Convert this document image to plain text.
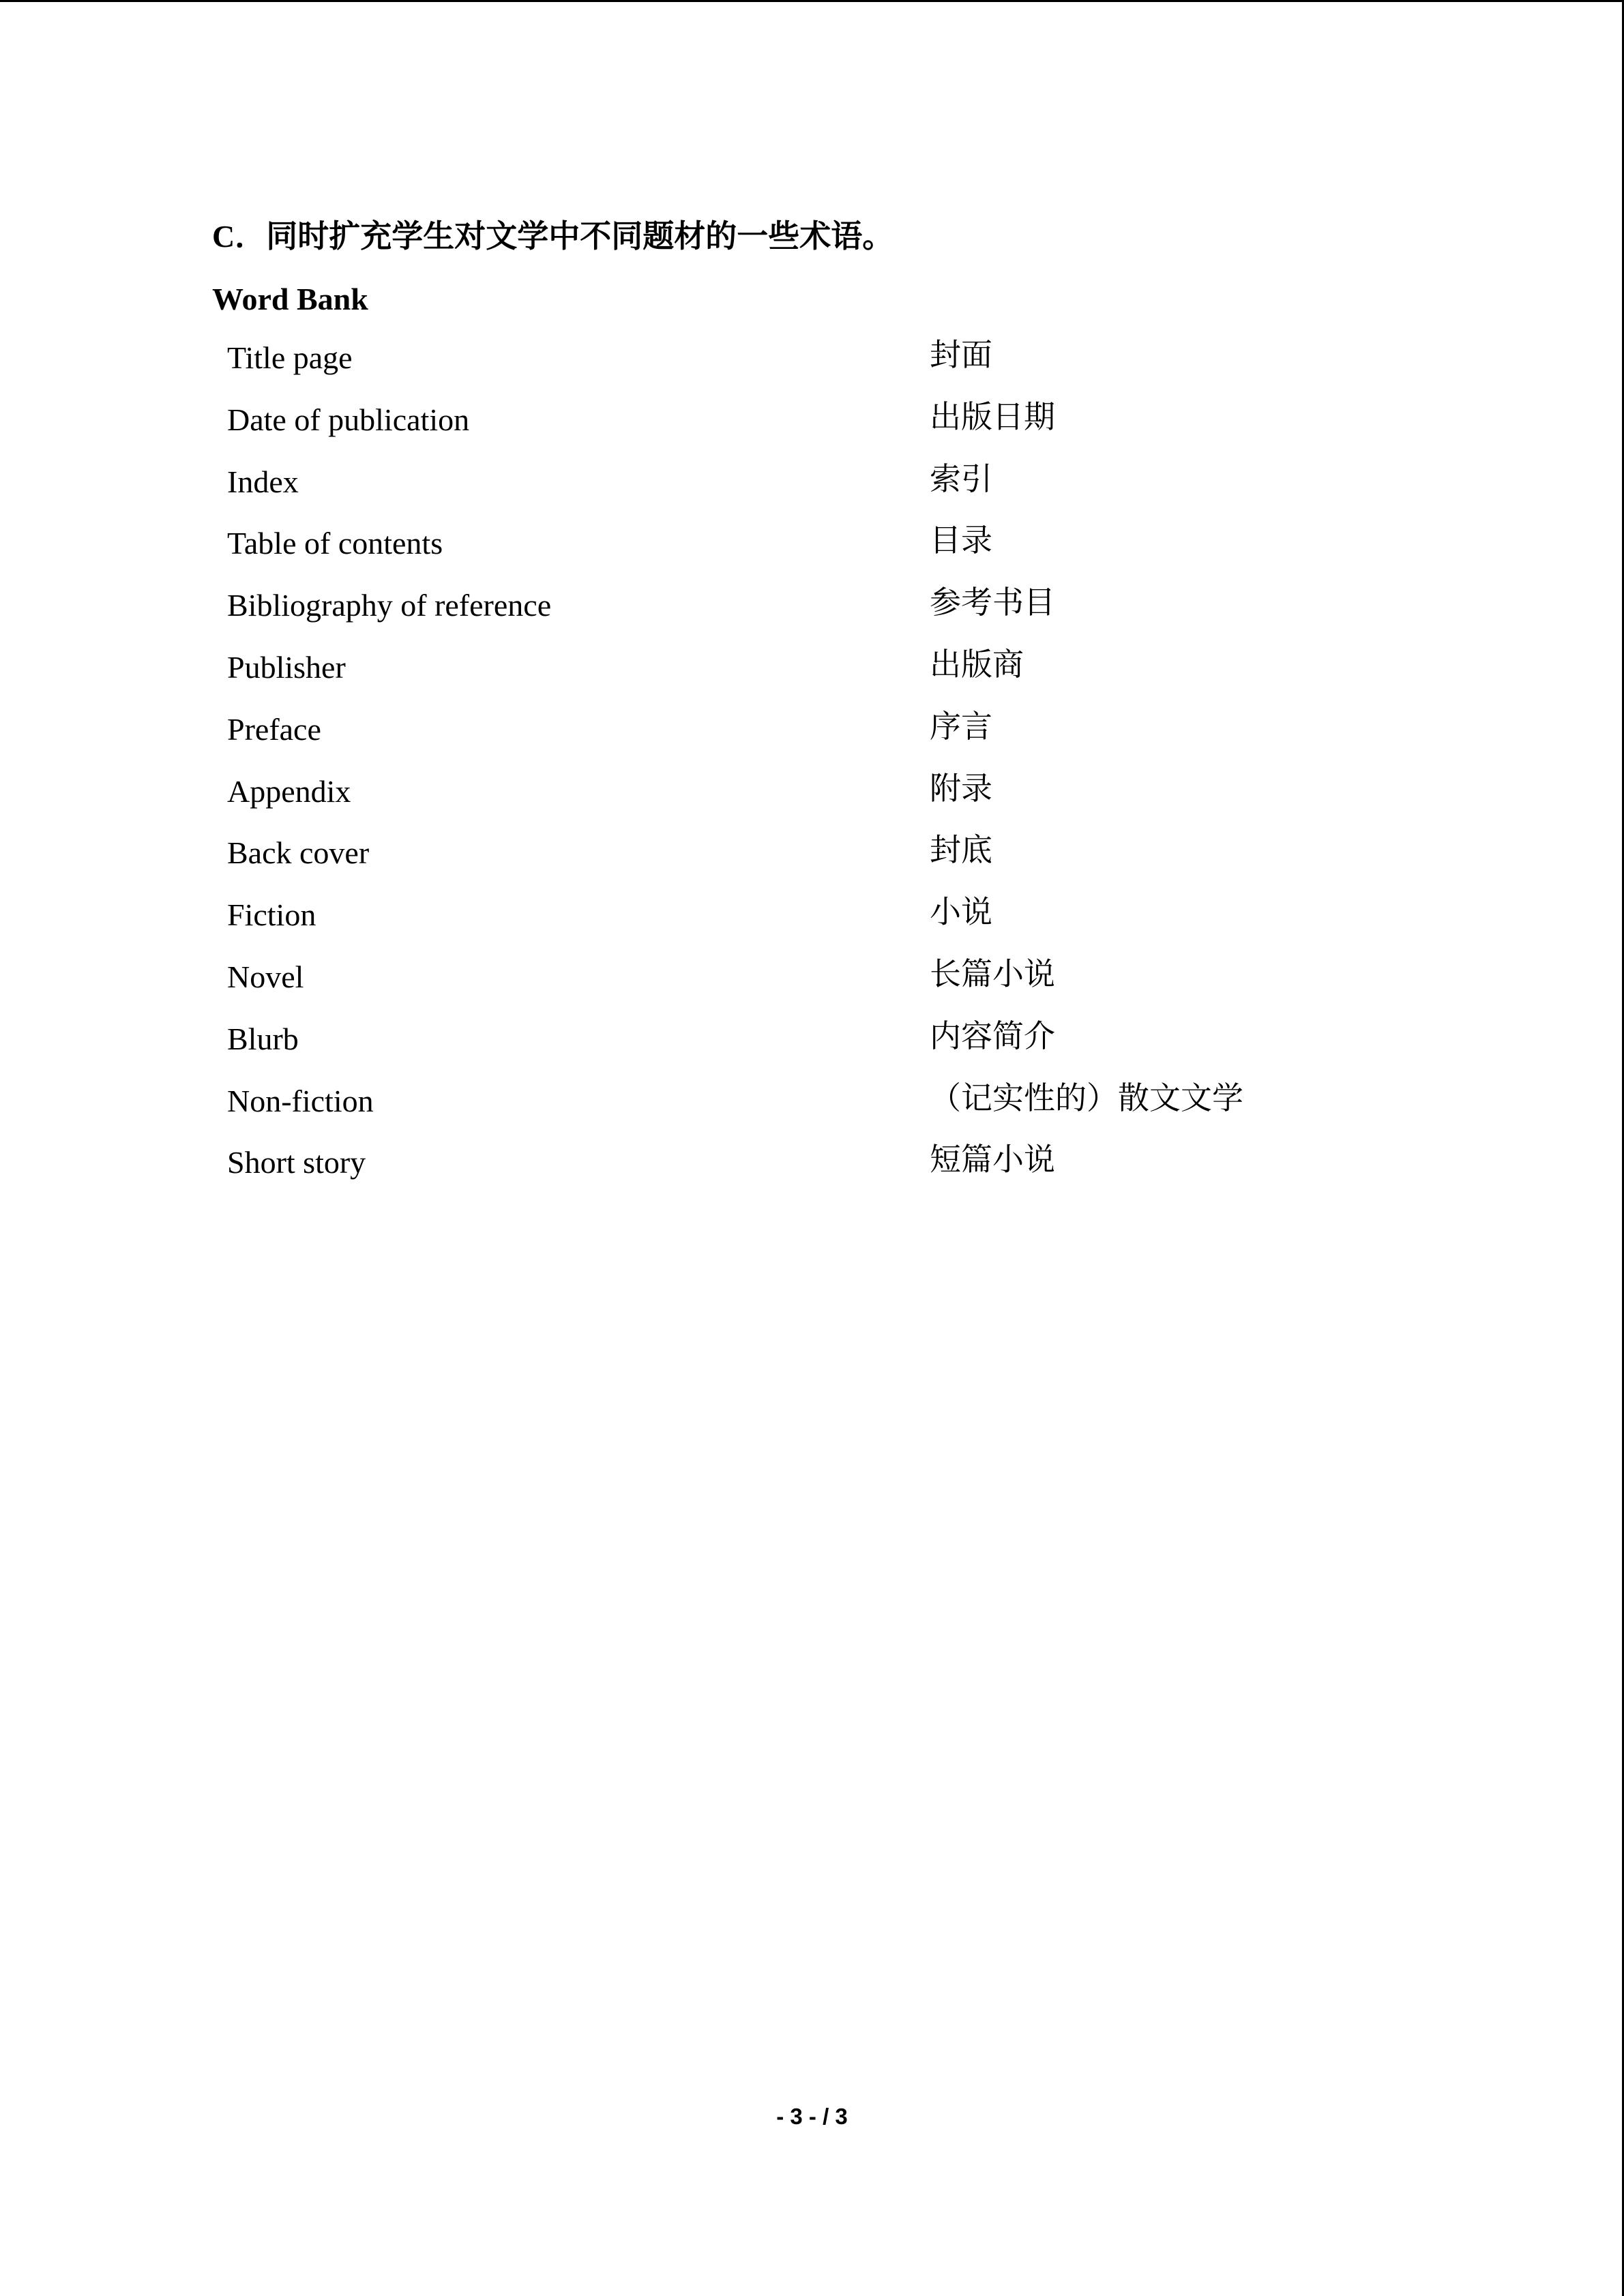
C．同时扩充学生对文学中不同题材的一些术语。
Word Bank
Title page	封面
Date of publication	出版日期
Index	索引
Table of contents	目录
Bibliography of reference	参考书目
Publisher	出版商
Preface	序言
Appendix	附录
Back cover	封底
Fiction	小说
Novel	长篇小说
Blurb	内容简介
Non-fiction	（记实性的）散文文学
Short story	短篇小说
- 3 - / 3
